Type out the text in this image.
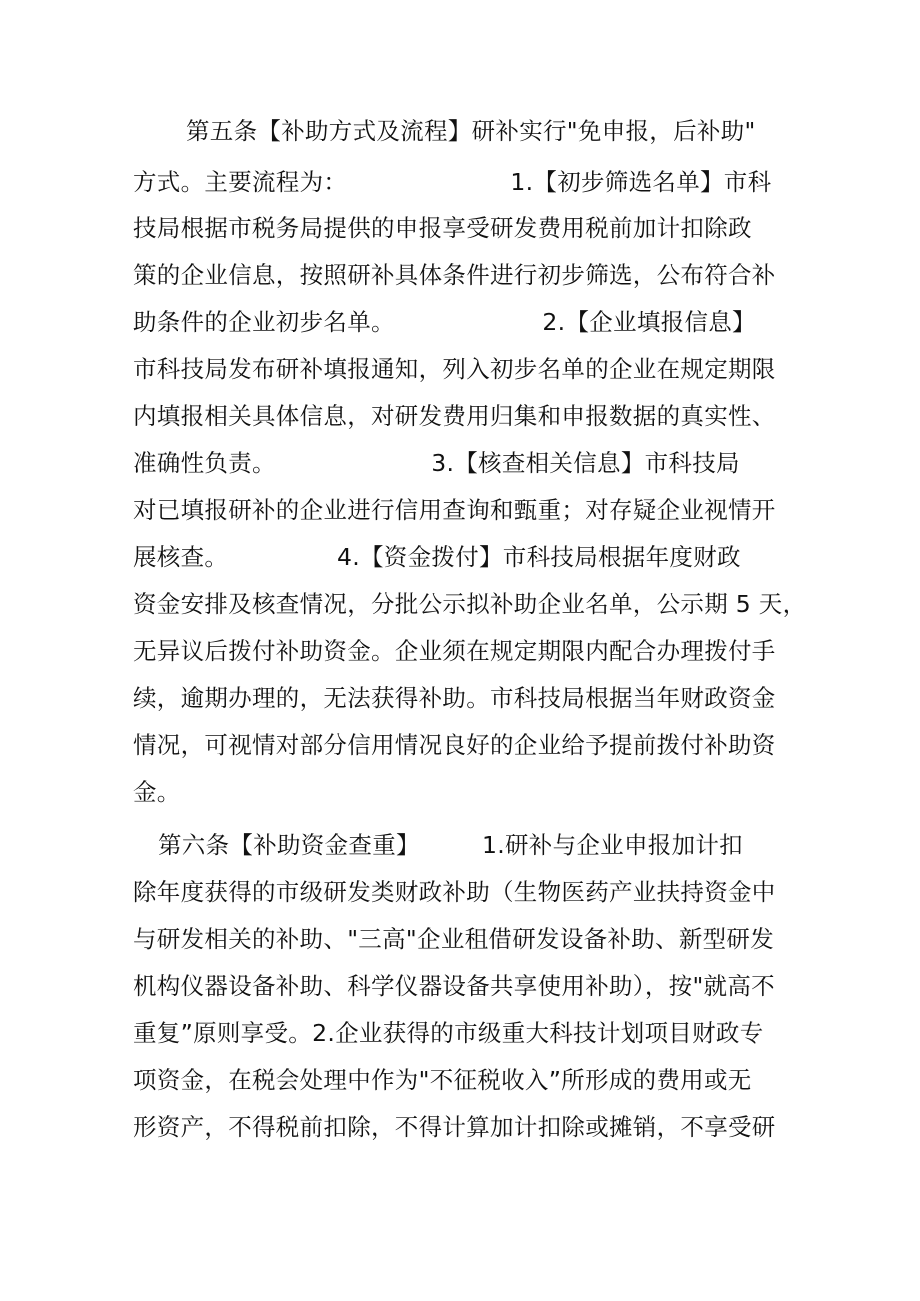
第五条【补助方式及流程】研补实行"免申报，后补助"
方式。主要流程为：                     1.【初步筛选名单】市科
技局根据市税务局提供的申报享受研发费用税前加计扣除政
策的企业信息，按照研补具体条件进行初步筛选，公布符合补
助条件的企业初步名单。                   2.【企业填报信息】
市科技局发布研补填报通知，列入初步名单的企业在规定期限
内填报相关具体信息，对研发费用归集和申报数据的真实性、
准确性负责。                    3.【核查相关信息】市科技局
对已填报研补的企业进行信用查询和甄重；对存疑企业视情开
展核查。              4.【资金拨付】市科技局根据年度财政
资金安排及核查情况，分批公示拟补助企业名单，公示期 5 天，
无异议后拨付补助资金。企业须在规定期限内配合办理拨付手
续，逾期办理的，无法获得补助。市科技局根据当年财政资金
情况，可视情对部分信用情况良好的企业给予提前拨付补助资
金。
第六条【补助资金查重】        1.研补与企业申报加计扣
除年度获得的市级研发类财政补助（生物医药产业扶持资金中
与研发相关的补助、"三高"企业租借研发设备补助、新型研发
机构仪器设备补助、科学仪器设备共享使用补助），按"就高不
重复”原则享受。2.企业获得的市级重大科技计划项目财政专
项资金，在税会处理中作为"不征税收入”所形成的费用或无
形资产，不得税前扣除，不得计算加计扣除或摊销，不享受研
